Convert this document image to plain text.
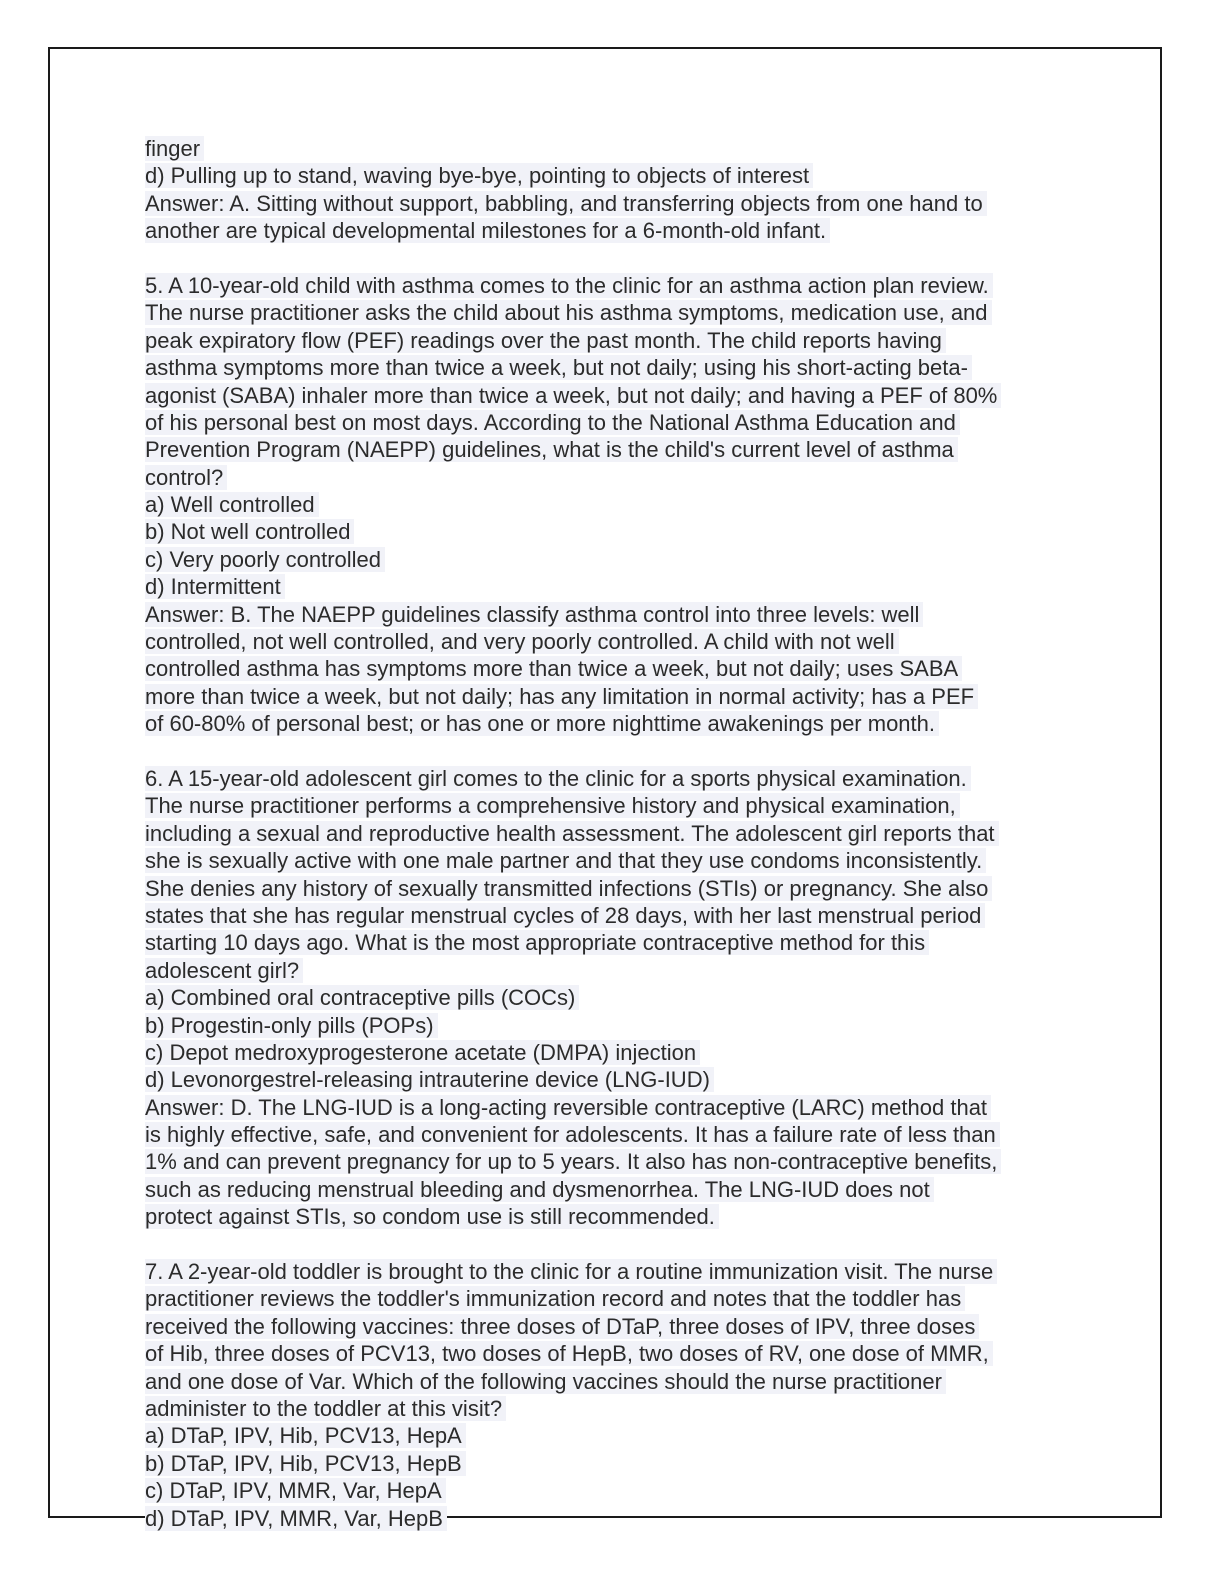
finger
d) Pulling up to stand, waving bye-bye, pointing to objects of interest
Answer: A. Sitting without support, babbling, and transferring objects from one hand to
another are typical developmental milestones for a 6-month-old infant.
5. A 10-year-old child with asthma comes to the clinic for an asthma action plan review.
The nurse practitioner asks the child about his asthma symptoms, medication use, and
peak expiratory flow (PEF) readings over the past month. The child reports having
asthma symptoms more than twice a week, but not daily; using his short-acting beta-
agonist (SABA) inhaler more than twice a week, but not daily; and having a PEF of 80%
of his personal best on most days. According to the National Asthma Education and
Prevention Program (NAEPP) guidelines, what is the child's current level of asthma
control?
a) Well controlled
b) Not well controlled
c) Very poorly controlled
d) Intermittent
Answer: B. The NAEPP guidelines classify asthma control into three levels: well
controlled, not well controlled, and very poorly controlled. A child with not well
controlled asthma has symptoms more than twice a week, but not daily; uses SABA
more than twice a week, but not daily; has any limitation in normal activity; has a PEF
of 60-80% of personal best; or has one or more nighttime awakenings per month.
6. A 15-year-old adolescent girl comes to the clinic for a sports physical examination.
The nurse practitioner performs a comprehensive history and physical examination,
including a sexual and reproductive health assessment. The adolescent girl reports that
she is sexually active with one male partner and that they use condoms inconsistently.
She denies any history of sexually transmitted infections (STIs) or pregnancy. She also
states that she has regular menstrual cycles of 28 days, with her last menstrual period
starting 10 days ago. What is the most appropriate contraceptive method for this
adolescent girl?
a) Combined oral contraceptive pills (COCs)
b) Progestin-only pills (POPs)
c) Depot medroxyprogesterone acetate (DMPA) injection
d) Levonorgestrel-releasing intrauterine device (LNG-IUD)
Answer: D. The LNG-IUD is a long-acting reversible contraceptive (LARC) method that
is highly effective, safe, and convenient for adolescents. It has a failure rate of less than
1% and can prevent pregnancy for up to 5 years. It also has non-contraceptive benefits,
such as reducing menstrual bleeding and dysmenorrhea. The LNG-IUD does not
protect against STIs, so condom use is still recommended.
7. A 2-year-old toddler is brought to the clinic for a routine immunization visit. The nurse
practitioner reviews the toddler's immunization record and notes that the toddler has
received the following vaccines: three doses of DTaP, three doses of IPV, three doses
of Hib, three doses of PCV13, two doses of HepB, two doses of RV, one dose of MMR,
and one dose of Var. Which of the following vaccines should the nurse practitioner
administer to the toddler at this visit?
a) DTaP, IPV, Hib, PCV13, HepA
b) DTaP, IPV, Hib, PCV13, HepB
c) DTaP, IPV, MMR, Var, HepA
d) DTaP, IPV, MMR, Var, HepB
